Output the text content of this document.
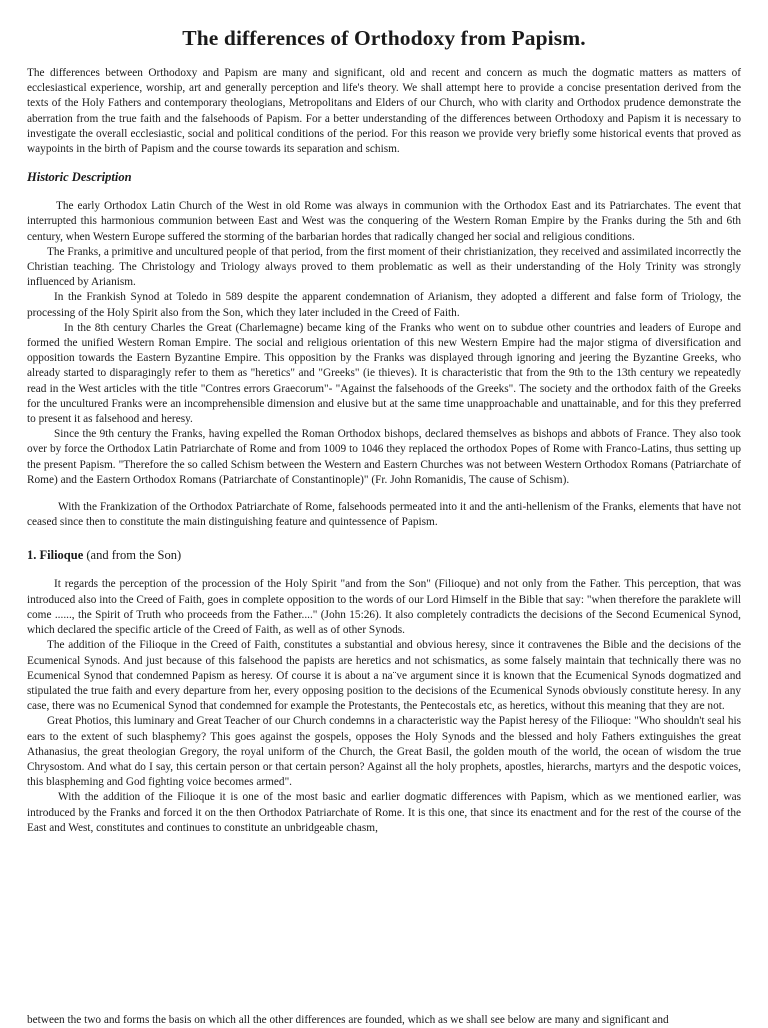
The differences of Orthodoxy from Papism.

The differences between Orthodoxy and Papism are many and significant, old and recent and concern as much the dogmatic matters as matters of ecclesiastical experience, worship, art and generally perception and life's theory. We shall attempt here to provide a concise presentation derived from the texts of the Holy Fathers and contemporary theologians, Metropolitans and Elders of our Church, who with clarity and Orthodox prudence demonstrate the aberration from the true faith and the falsehoods of Papism. For a better understanding of the differences between Orthodoxy and Papism it is necessary to investigate the overall ecclesiastic, social and political conditions of the period. For this reason we provide very briefly some historical events that proved as waypoints in the birth of Papism and the course towards its separation and schism.

Historic Description

The early Orthodox Latin Church of the West in old Rome was always in communion with the Orthodox East and its Patriarchates. The event that interrupted this harmonious communion between East and West was the conquering of the Western Roman Empire by the Franks during the 5th and 6th century, when Western Europe suffered the storming of the barbarian hordes that radically changed her social and religious conditions.

The Franks, a primitive and uncultured people of that period, from the first moment of their christianization, they received and assimilated incorrectly the Christian teaching. The Christology and Triology always proved to them problematic as well as their understanding of the Holy Trinity was strongly influenced by Arianism.

In the Frankish Synod at Toledo in 589 despite the apparent condemnation of Arianism, they adopted a different and false form of Triology, the processing of the Holy Spirit also from the Son, which they later included in the Creed of Faith.

In the 8th century Charles the Great (Charlemagne) became king of the Franks who went on to subdue other countries and leaders of Europe and formed the unified Western Roman Empire. The social and religious orientation of this new Western Empire had the major stigma of diversification and opposition towards the Eastern Byzantine Empire. This opposition by the Franks was displayed through ignoring and jeering the Byzantine Greeks, who already started to disparagingly refer to them as "heretics" and "Greeks" (ie thieves). It is characteristic that from the 9th to the 13th century we repeatedly read in the West articles with the title "Contres errors Graecorum"- "Against the falsehoods of the Greeks". The society and the orthodox faith of the Greeks for the uncultured Franks were an incomprehensible dimension and elusive but at the same time unapproachable and unattainable, and for this they preferred to present it as falsehood and heresy.

Since the 9th century the Franks, having expelled the Roman Orthodox bishops, declared themselves as bishops and abbots of France. They also took over by force the Orthodox Latin Patriarchate of Rome and from 1009 to 1046 they replaced the orthodox Popes of Rome with Franco-Latins, thus setting up the present Papism. "Therefore the so called Schism between the Western and Eastern Churches was not between Western Orthodox Romans (Patriarchate of Rome) and the Eastern Orthodox Romans (Patriarchate of Constantinople)" (Fr. John Romanidis, The cause of Schism).

With the Frankization of the Orthodox Patriarchate of Rome, falsehoods permeated into it and the anti-hellenism of the Franks, elements that have not ceased since then to constitute the main distinguishing feature and quintessence of Papism.

1. Filioque (and from the Son)

It regards the perception of the procession of the Holy Spirit "and from the Son" (Filioque) and not only from the Father. This perception, that was introduced also into the Creed of Faith, goes in complete opposition to the words of our Lord Himself in the Bible that say: "when therefore the paraklete will come ......, the Spirit of Truth who proceeds from the Father...." (John 15:26). It also completely contradicts the decisions of the Second Ecumenical Synod, which declared the specific article of the Creed of Faith, as well as of other Synods.

The addition of the Filioque in the Creed of Faith, constitutes a substantial and obvious heresy, since it contravenes the Bible and the decisions of the Ecumenical Synods. And just because of this falsehood the papists are heretics and not schismatics, as some falsely maintain that technically there was no Ecumenical Synod that condemned Papism as heresy. Of course it is about a na¨ve argument since it is known that the Ecumenical Synods dogmatized and stipulated the true faith and every departure from her, every opposing position to the decisions of the Ecumenical Synods obviously constitute heresy. In any case, there was no Ecumenical Synod that condemned for example the Protestants, the Pentecostals etc, as heretics, without this meaning that they are not.

Great Photios, this luminary and Great Teacher of our Church condemns in a characteristic way the Papist heresy of the Filioque: "Who shouldn't seal his ears to the extent of such blasphemy? This goes against the gospels, opposes the Holy Synods and the blessed and holy Fathers extinguishes the great Athanasius, the great theologian Gregory, the royal uniform of the Church, the Great Basil, the golden mouth of the world, the ocean of wisdom the true Chrysostom. And what do I say, this certain person or that certain person? Against all the holy prophets, apostles, hierarchs, martyrs and the despotic voices, this blaspheming and God fighting voice becomes armed".

With the addition of the Filioque it is one of the most basic and earlier dogmatic differences with Papism, which as we mentioned earlier, was introduced by the Franks and forced it on the then Orthodox Patriarchate of Rome. It is this one, that since its enactment and for the rest of the course of the East and West, constitutes and continues to constitute an unbridgeable chasm,

between the two and forms the basis on which all the other differences are founded, which as we shall see below are many and significant and
